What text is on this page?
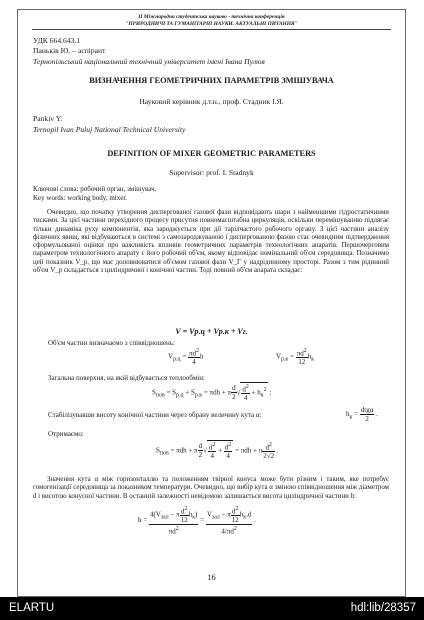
ІІ Міжнародна студентська науково - технічна конференція
"ПРИРОДНИЧІ ТА ГУМАНІТАРНІ НАУКИ. АКТУАЛЬНІ ПИТАННЯ"
УДК 664.643.1
Паньків Ю. – аспірант
Тернопільський національний технічний університет імені Івана Пулюя
ВИЗНАЧЕННЯ ГЕОМЕТРИЧНИХ ПАРАМЕТРІВ ЗМІШУВАЧА
Науковий керівник д.т.н., проф. Стадник І.Я.
Pankiv Y.
Ternopil Ivan Puluj National Technical University
DEFINITION OF MIXER GEOMETRIC PARAMETERS
Supervisor: prof. I. Stadnyk
Ключові слова: робочий орган, змішувач.
Key words: working body, mixer.
Очевидно, що початку утворення диспергованої газової фази відповідають шари з найменшими гідростатичними тисками. За цієї частини перехідного процесу присутня повномасштабна циркуляція, оскільки перемішуванню підлягає тільки динаміка руху компонентів, яка зароджується при дії тарілчастого робочого органу. З цієї частини аналізу фізичних явищ, які відбуваються в системі з самозароджуваною і диспергованою фазою стає очевидним підтвердження сформульованої оцінки про важливість впливів геометричних параметрів технологічних апаратів. Першочерговим параметром технологічного апарату є його робочий об'єм, якому відповідає номінальний об'єм середовища. Позначимо цей показник V_р, що має доповнюватися об'ємом газової фази V_Г у надрідинному просторі. Разом з тим рідинний об'єм V_р складається з циліндричної і конічної частин. Тоді повний об'єм апарата складає:
V = Vр.ц + Vр.к + Vг.
Об'єм частин визначаємо з співвідношень:
$V_{р.ц} = \frac{\pi d^2}{4}$ h	$V_{р.к} = \frac{\pi d^2}{12} h_к$
Загальна поверхня, на якій відбувається теплообмін:
$S_{пов} = S_{р.ц} + S_{р.к} = \pi dh + \pi \frac{d}{2}$ √ $\frac{d^2}{4} + h_к^2$ ;
Стабілізувавши висоту конічної частини через обрану величину кута α:	$h_к = \frac{\text{dtgα}}{2}$ .
Отримаємо:
$S_{пов} = \pi dh + \pi \frac{d}{2}$ √ $\frac{d^2}{4} + \frac{d^2}{4} = \pi dh + \pi \frac{d^2}{2√2}$ .
Значення кута α між горизонталлю та положенням твірної конуса може бути різним і таким, яке потребує гомогенізації середовища за показником температури. Очевидно, що вибір кута α зміною співвідношення між діаметром d і висотою конусної частини. В останній залежності невідомою залишається висота циліндричної частини h:
$h = \frac{4(V_{зал} - \pi \frac{d^2}{12} h_к)}{\pi d^2} = \frac{V_{зал} - \pi \frac{d^2}{12} h_к,d}{4/\pi d^2}$ .
16
ELARTU	hdl:lib/28357
